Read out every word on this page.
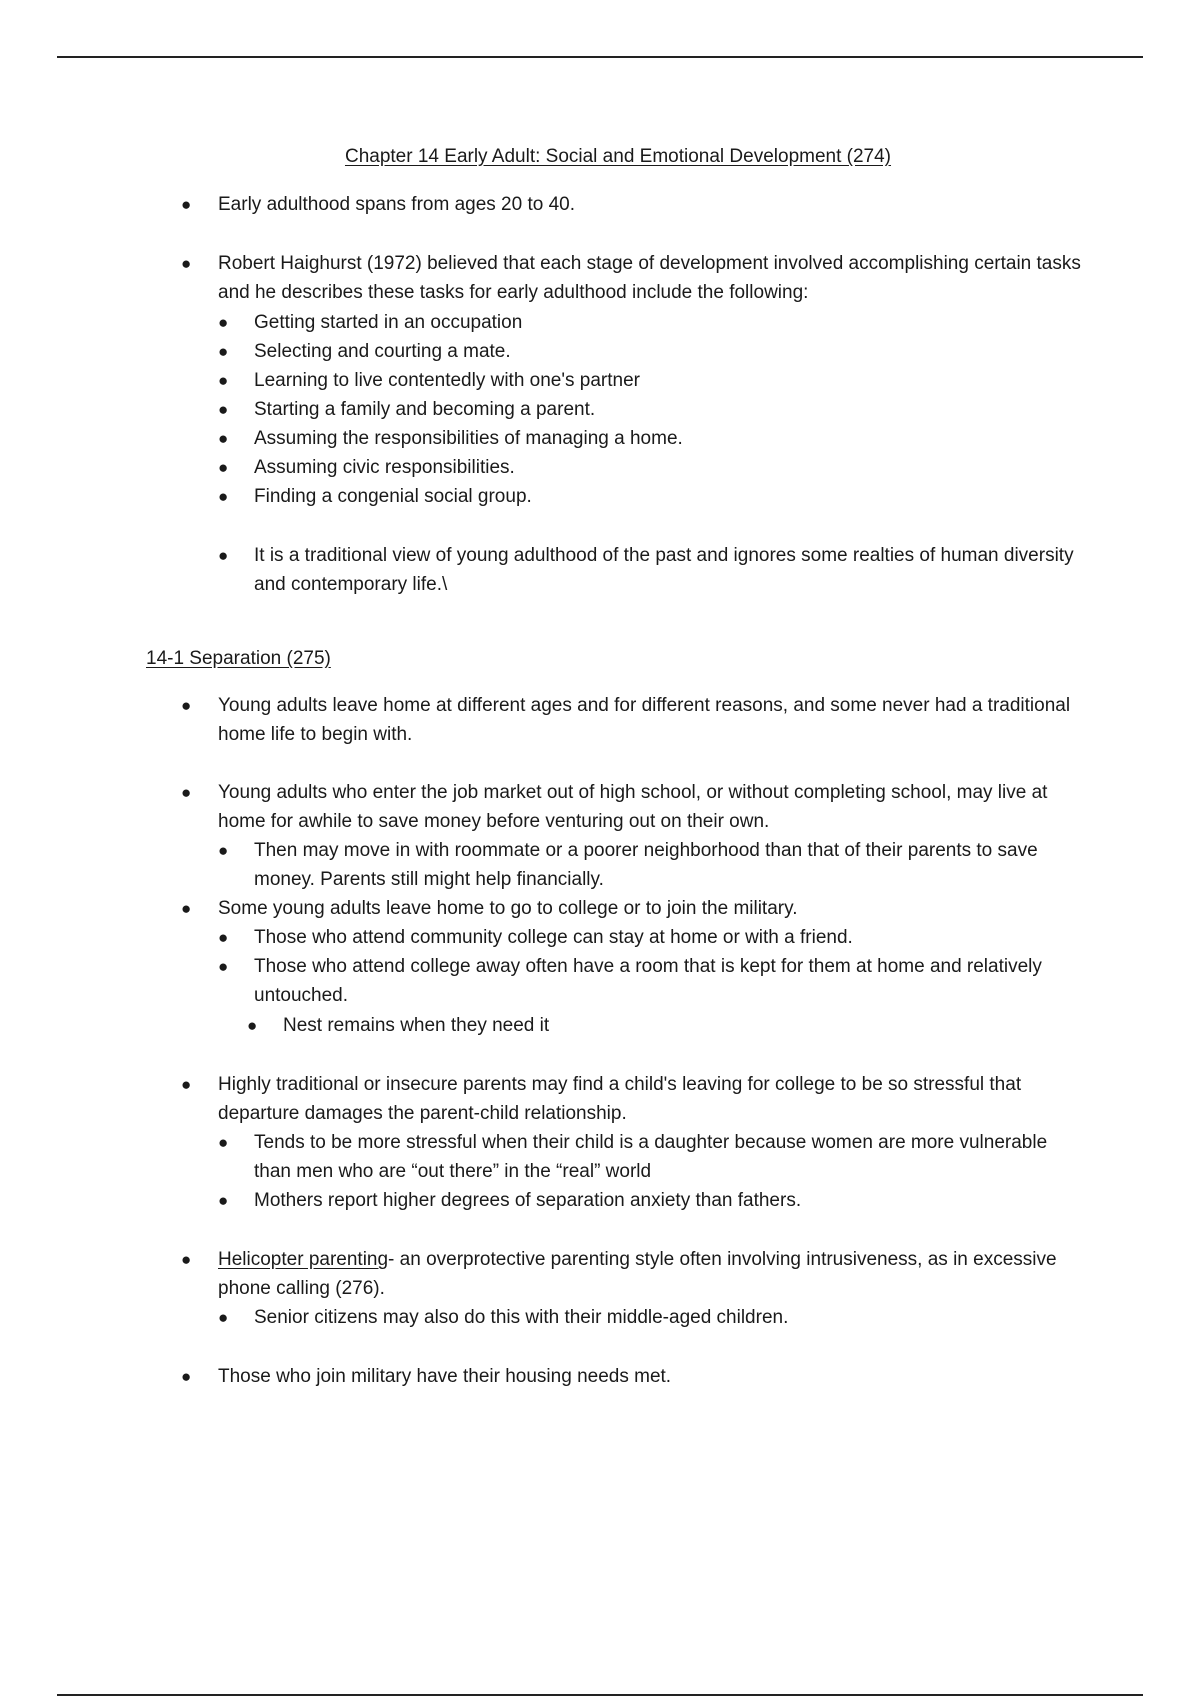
Chapter 14 Early Adult: Social and Emotional Development (274)
● Early adulthood spans from ages 20 to 40.
● Robert Haighurst (1972) believed that each stage of development involved accomplishing certain tasks and he describes these tasks for early adulthood include the following:
● Getting started in an occupation
● Selecting and courting a mate.
● Learning to live contentedly with one's partner
● Starting a family and becoming a parent.
● Assuming the responsibilities of managing a home.
● Assuming civic responsibilities.
● Finding a congenial social group.
● It is a traditional view of young adulthood of the past and ignores some realties of human diversity and contemporary life.\
14-1 Separation (275)
● Young adults leave home at different ages and for different reasons, and some never had a traditional home life to begin with.
● Young adults who enter the job market out of high school, or without completing school, may live at home for awhile to save money before venturing out on their own.
● Then may move in with roommate or a poorer neighborhood than that of their parents to save money. Parents still might help financially.
● Some young adults leave home to go to college or to join the military.
● Those who attend community college can stay at home or with a friend.
● Those who attend college away often have a room that is kept for them at home and relatively untouched.
● Nest remains when they need it
● Highly traditional or insecure parents may find a child's leaving for college to be so stressful that departure damages the parent-child relationship.
● Tends to be more stressful when their child is a daughter because women are more vulnerable than men who are “out there” in the “real” world
● Mothers report higher degrees of separation anxiety than fathers.
● Helicopter parenting- an overprotective parenting style often involving intrusiveness, as in excessive phone calling (276).
● Senior citizens may also do this with their middle-aged children.
● Those who join military have their housing needs met.
